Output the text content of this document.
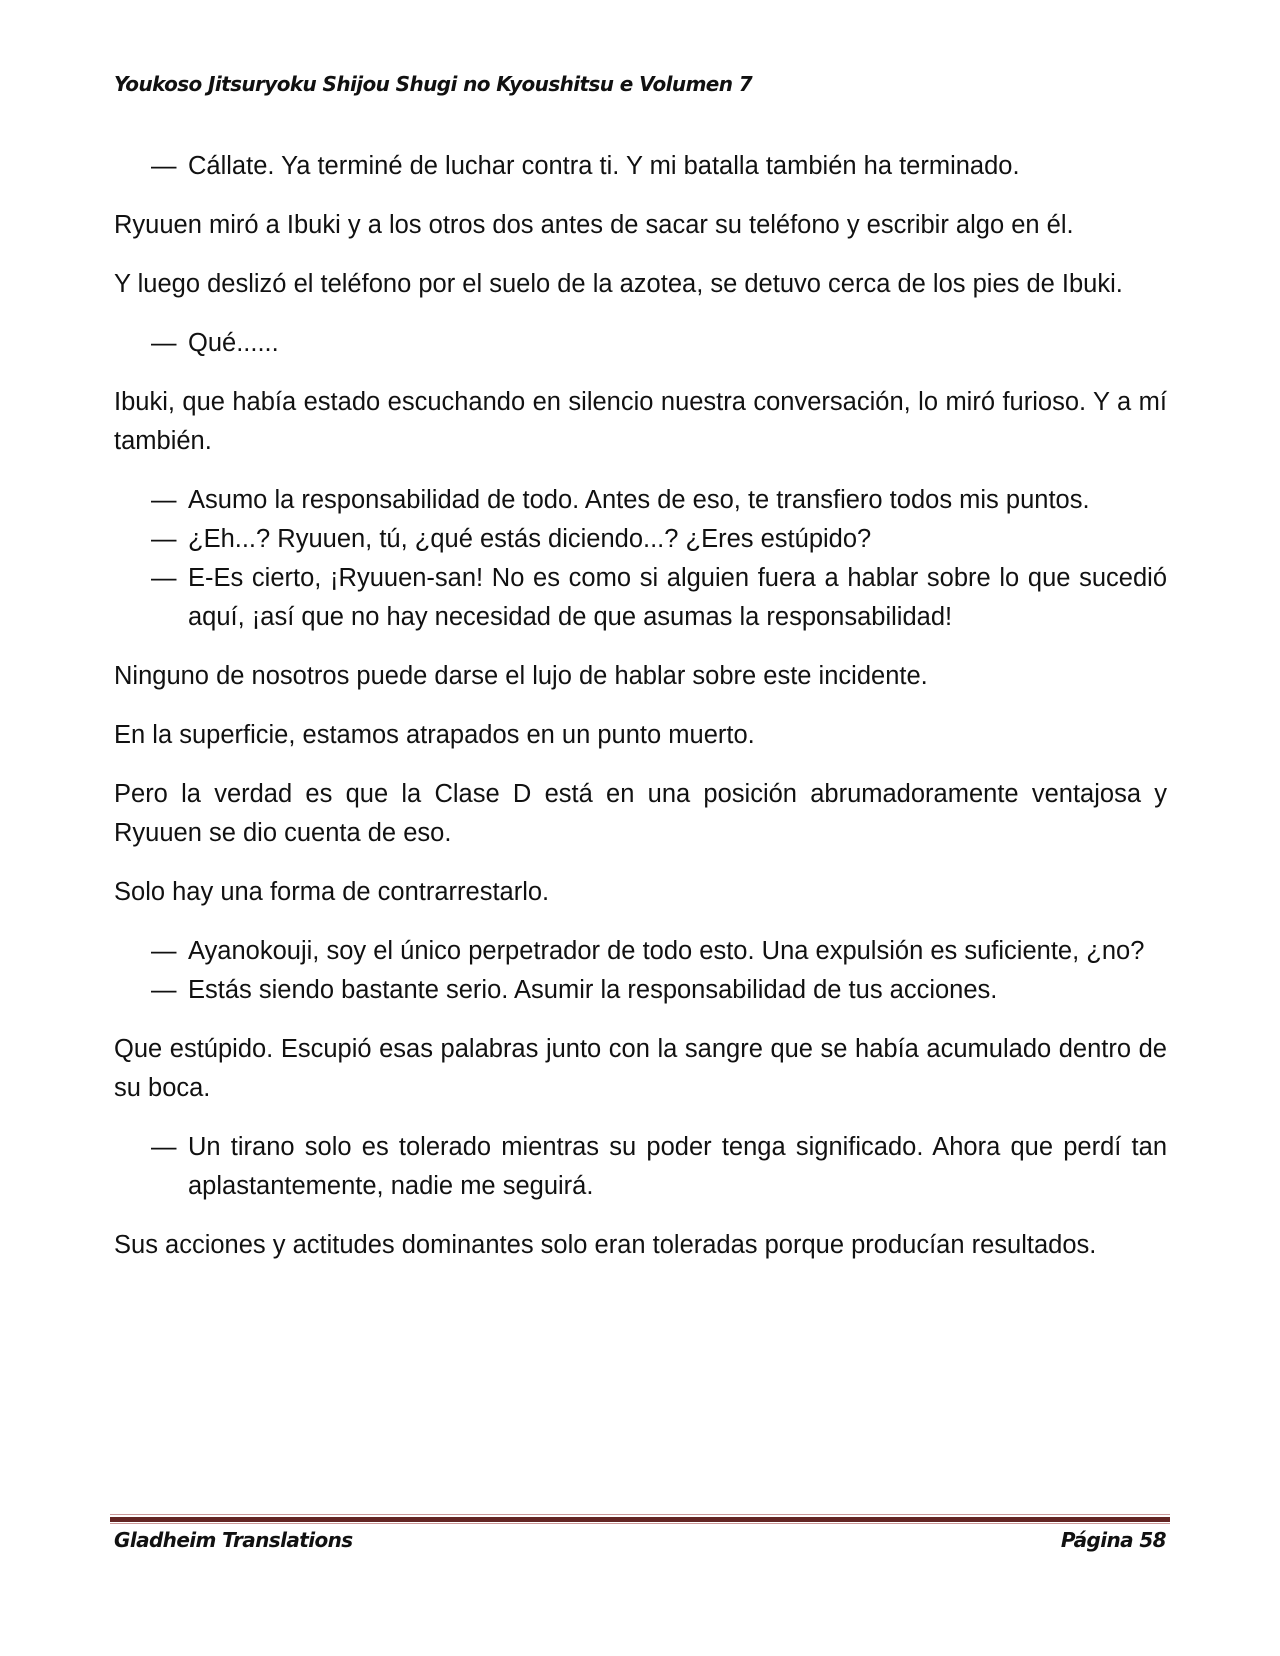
Youkoso Jitsuryoku Shijou Shugi no Kyoushitsu e Volumen 7
— Cállate. Ya terminé de luchar contra ti. Y mi batalla también ha terminado.

Ryuuen miró a Ibuki y a los otros dos antes de sacar su teléfono y escribir algo en él.

Y luego deslizó el teléfono por el suelo de la azotea, se detuvo cerca de los pies de Ibuki.

— Qué......

Ibuki, que había estado escuchando en silencio nuestra conversación, lo miró furioso. Y a mí también.

— Asumo la responsabilidad de todo. Antes de eso, te transfiero todos mis puntos.
— ¿Eh...? Ryuuen, tú, ¿qué estás diciendo...? ¿Eres estúpido?
— E-Es cierto, ¡Ryuuen-san! No es como si alguien fuera a hablar sobre lo que sucedió aquí, ¡así que no hay necesidad de que asumas la responsabilidad!

Ninguno de nosotros puede darse el lujo de hablar sobre este incidente.

En la superficie, estamos atrapados en un punto muerto.

Pero la verdad es que la Clase D está en una posición abrumadoramente ventajosa y Ryuuen se dio cuenta de eso.

Solo hay una forma de contrarrestarlo.

— Ayanokouji, soy el único perpetrador de todo esto. Una expulsión es suficiente, ¿no?
— Estás siendo bastante serio. Asumir la responsabilidad de tus acciones.

Que estúpido. Escupió esas palabras junto con la sangre que se había acumulado dentro de su boca.

— Un tirano solo es tolerado mientras su poder tenga significado. Ahora que perdí tan aplastantemente, nadie me seguirá.

Sus acciones y actitudes dominantes solo eran toleradas porque producían resultados.

Gladheim Translations	Página 58
